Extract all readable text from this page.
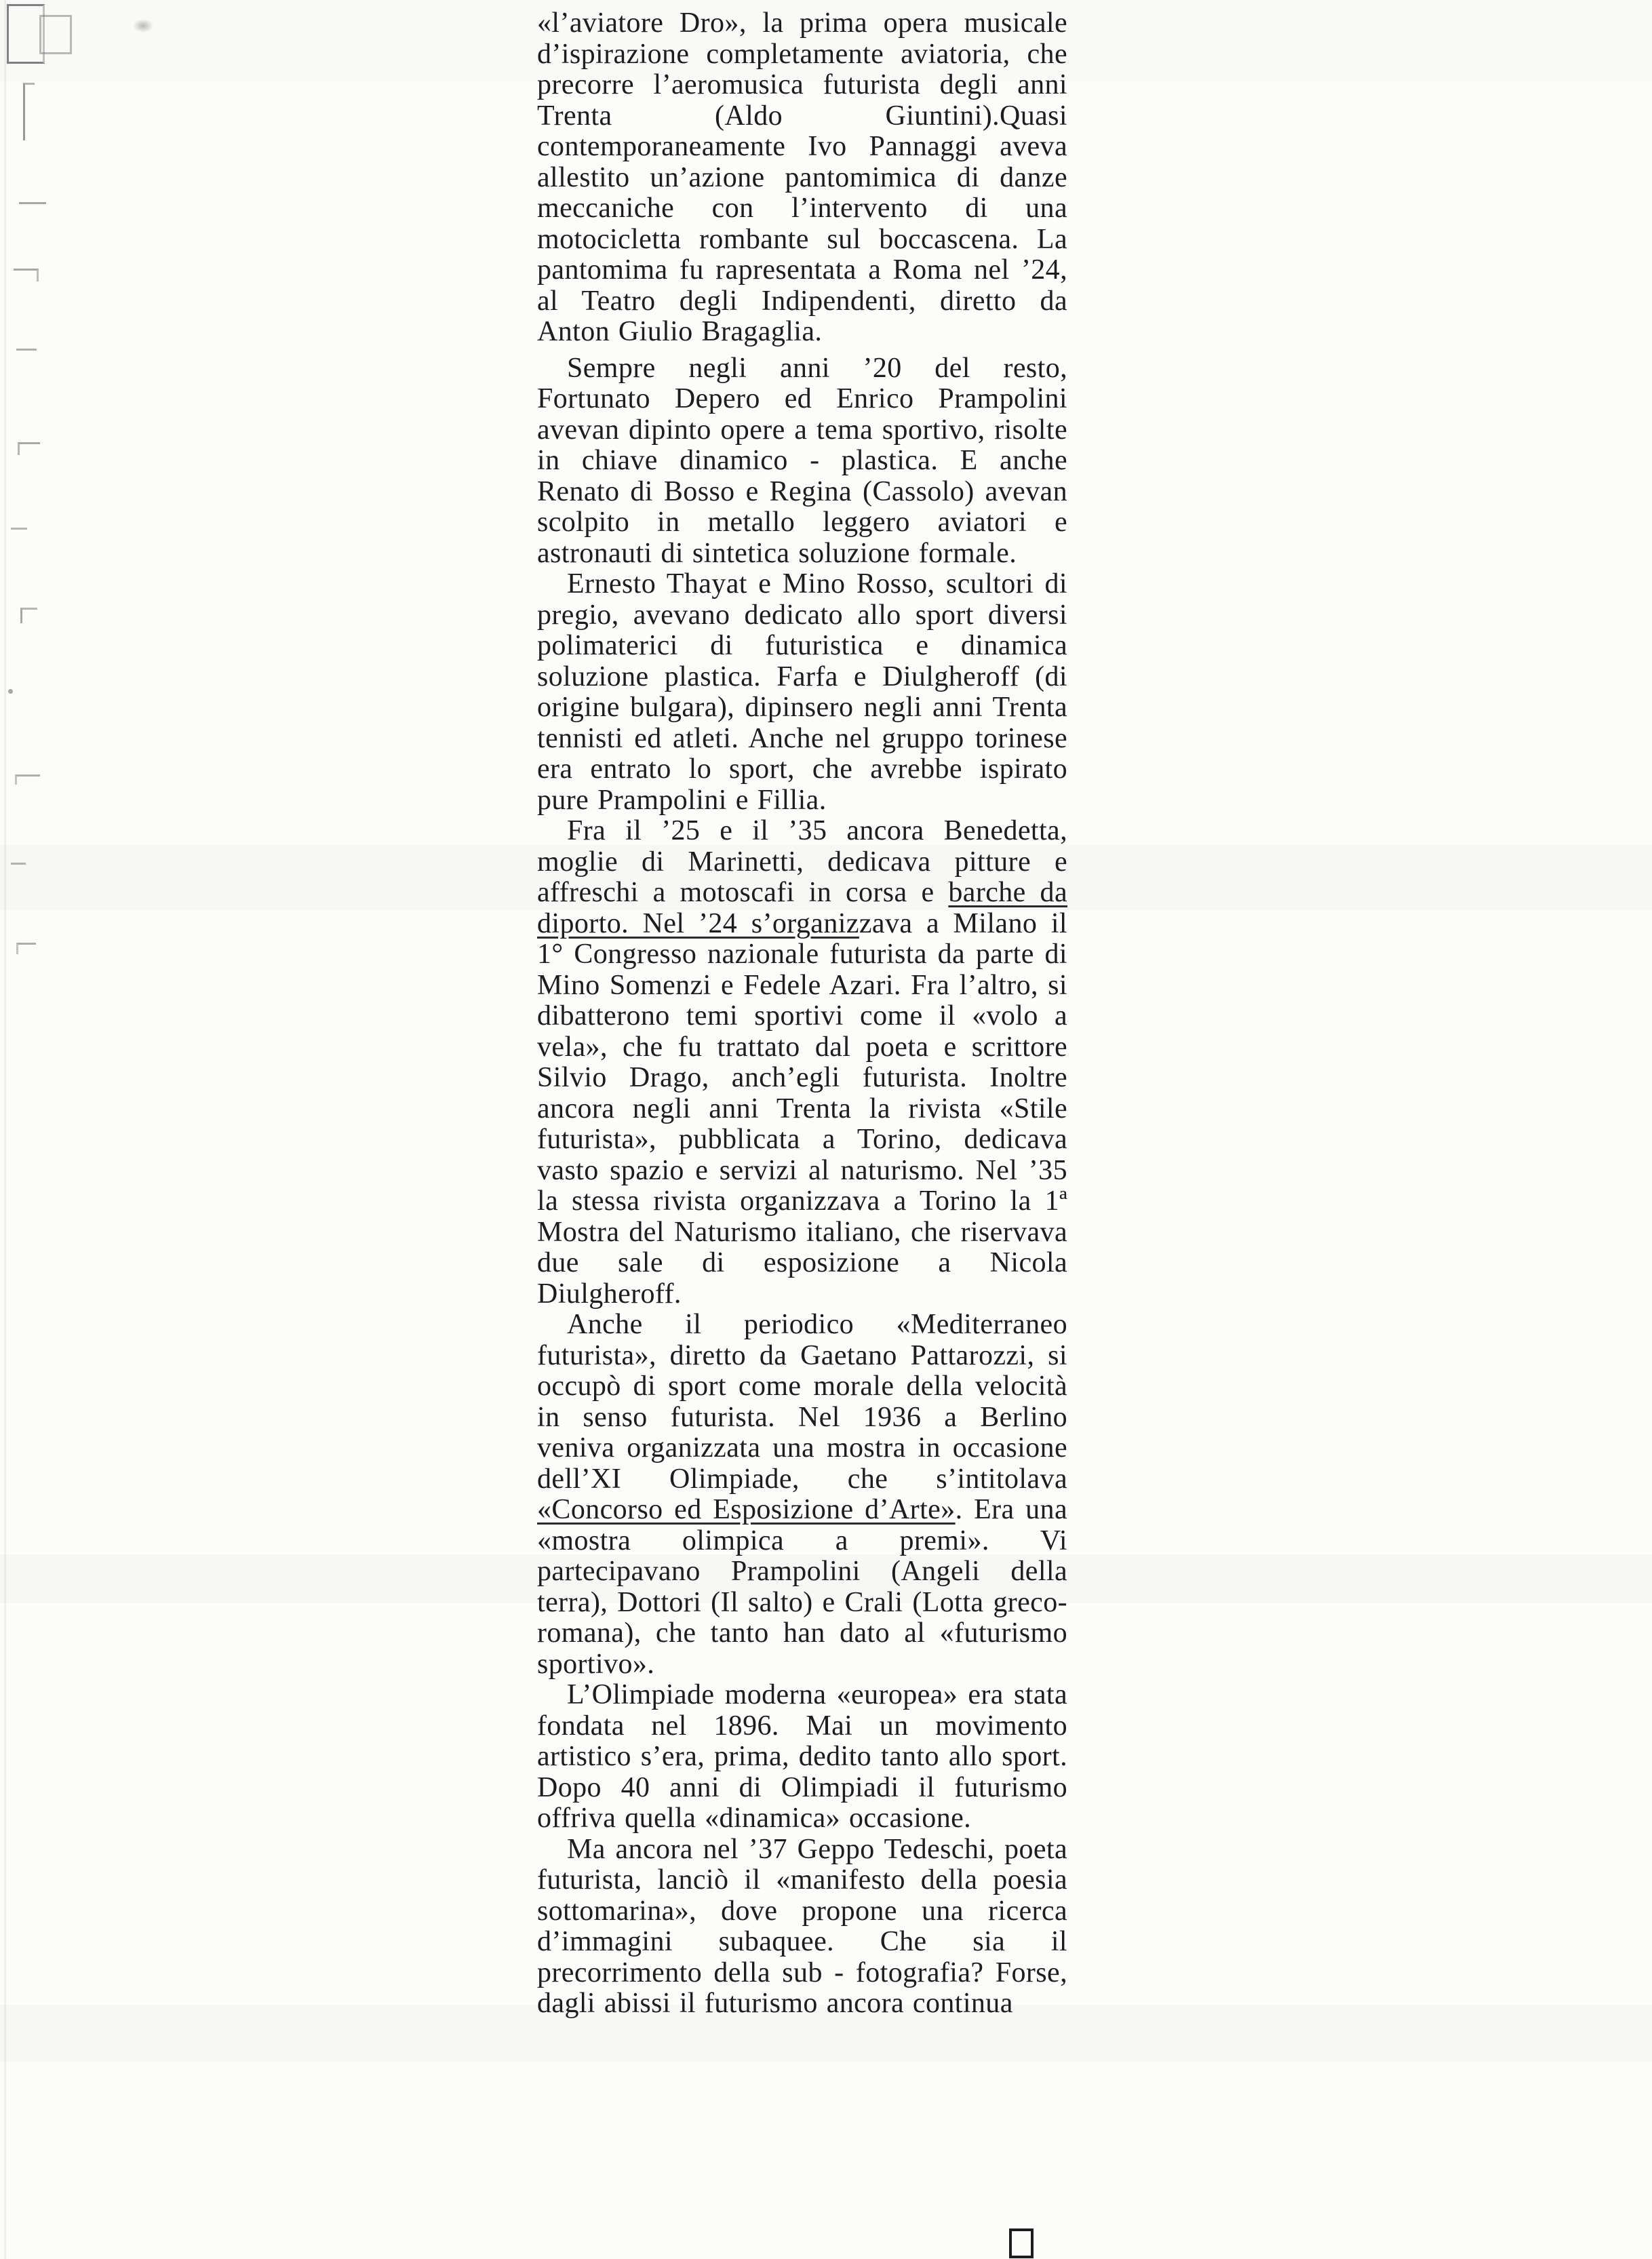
«l’aviatore Dro», la prima opera musicale d’ispirazione completamente aviatoria, che precorre l’aeromusica futurista degli anni Trenta (Aldo Giuntini).Quasi contemporaneamente Ivo Pannaggi aveva allestito un’azione pantomimica di danze meccaniche con l’intervento di una motocicletta rombante sul boccascena. La pantomima fu rapresentata a Roma nel ’24, al Teatro degli Indipendenti, diretto da Anton Giulio Bragaglia.

Sempre negli anni ’20 del resto, Fortunato Depero ed Enrico Prampolini avevan dipinto opere a tema sportivo, risolte in chiave dinamico - plastica. E anche Renato di Bosso e Regina (Cassolo) avevan scolpito in metallo leggero aviatori e astronauti di sintetica soluzione formale.

Ernesto Thayat e Mino Rosso, scultori di pregio, avevano dedicato allo sport diversi polimaterici di futuristica e dinamica soluzione plastica. Farfa e Diulgheroff (di origine bulgara), dipinsero negli anni Trenta tennisti ed atleti. Anche nel gruppo torinese era entrato lo sport, che avrebbe ispirato pure Prampolini e Fillia.

Fra il ’25 e il ’35 ancora Benedetta, moglie di Marinetti, dedicava pitture e affreschi a motoscafi in corsa e barche da diporto. Nel ’24 s’organizzava a Milano il 1° Congresso nazionale futurista da parte di Mino Somenzi e Fedele Azari. Fra l’altro, si dibatterono temi sportivi come il «volo a vela», che fu trattato dal poeta e scrittore Silvio Drago, anch’egli futurista. Inoltre ancora negli anni Trenta la rivista «Stile futurista», pubblicata a Torino, dedicava vasto spazio e servizi al naturismo. Nel ’35 la stessa rivista organizzava a Torino la 1ª Mostra del Naturismo italiano, che riservava due sale di esposizione a Nicola Diulgheroff.

Anche il periodico «Mediterraneo futurista», diretto da Gaetano Pattarozzi, si occupò di sport come morale della velocità in senso futurista. Nel 1936 a Berlino veniva organizzata una mostra in occasione dell’XI Olimpiade, che s’intitolava «Concorso ed Esposizione d’Arte». Era una «mostra olimpica a premi». Vi partecipavano Prampolini (Angeli della terra), Dottori (Il salto) e Crali (Lotta greco-romana), che tanto han dato al «futurismo sportivo».

L’Olimpiade moderna «europea» era stata fondata nel 1896. Mai un movimento artistico s’era, prima, dedito tanto allo sport. Dopo 40 anni di Olimpiadi il futurismo offriva quella «dinamica» occasione.

Ma ancora nel ’37 Geppo Tedeschi, poeta futurista, lanciò il «manifesto della poesia sottomarina», dove propone una ricerca d’immagini subaquee. Che sia il precorrimento della sub - fotografia? Forse, dagli abissi il futurismo ancora continua
